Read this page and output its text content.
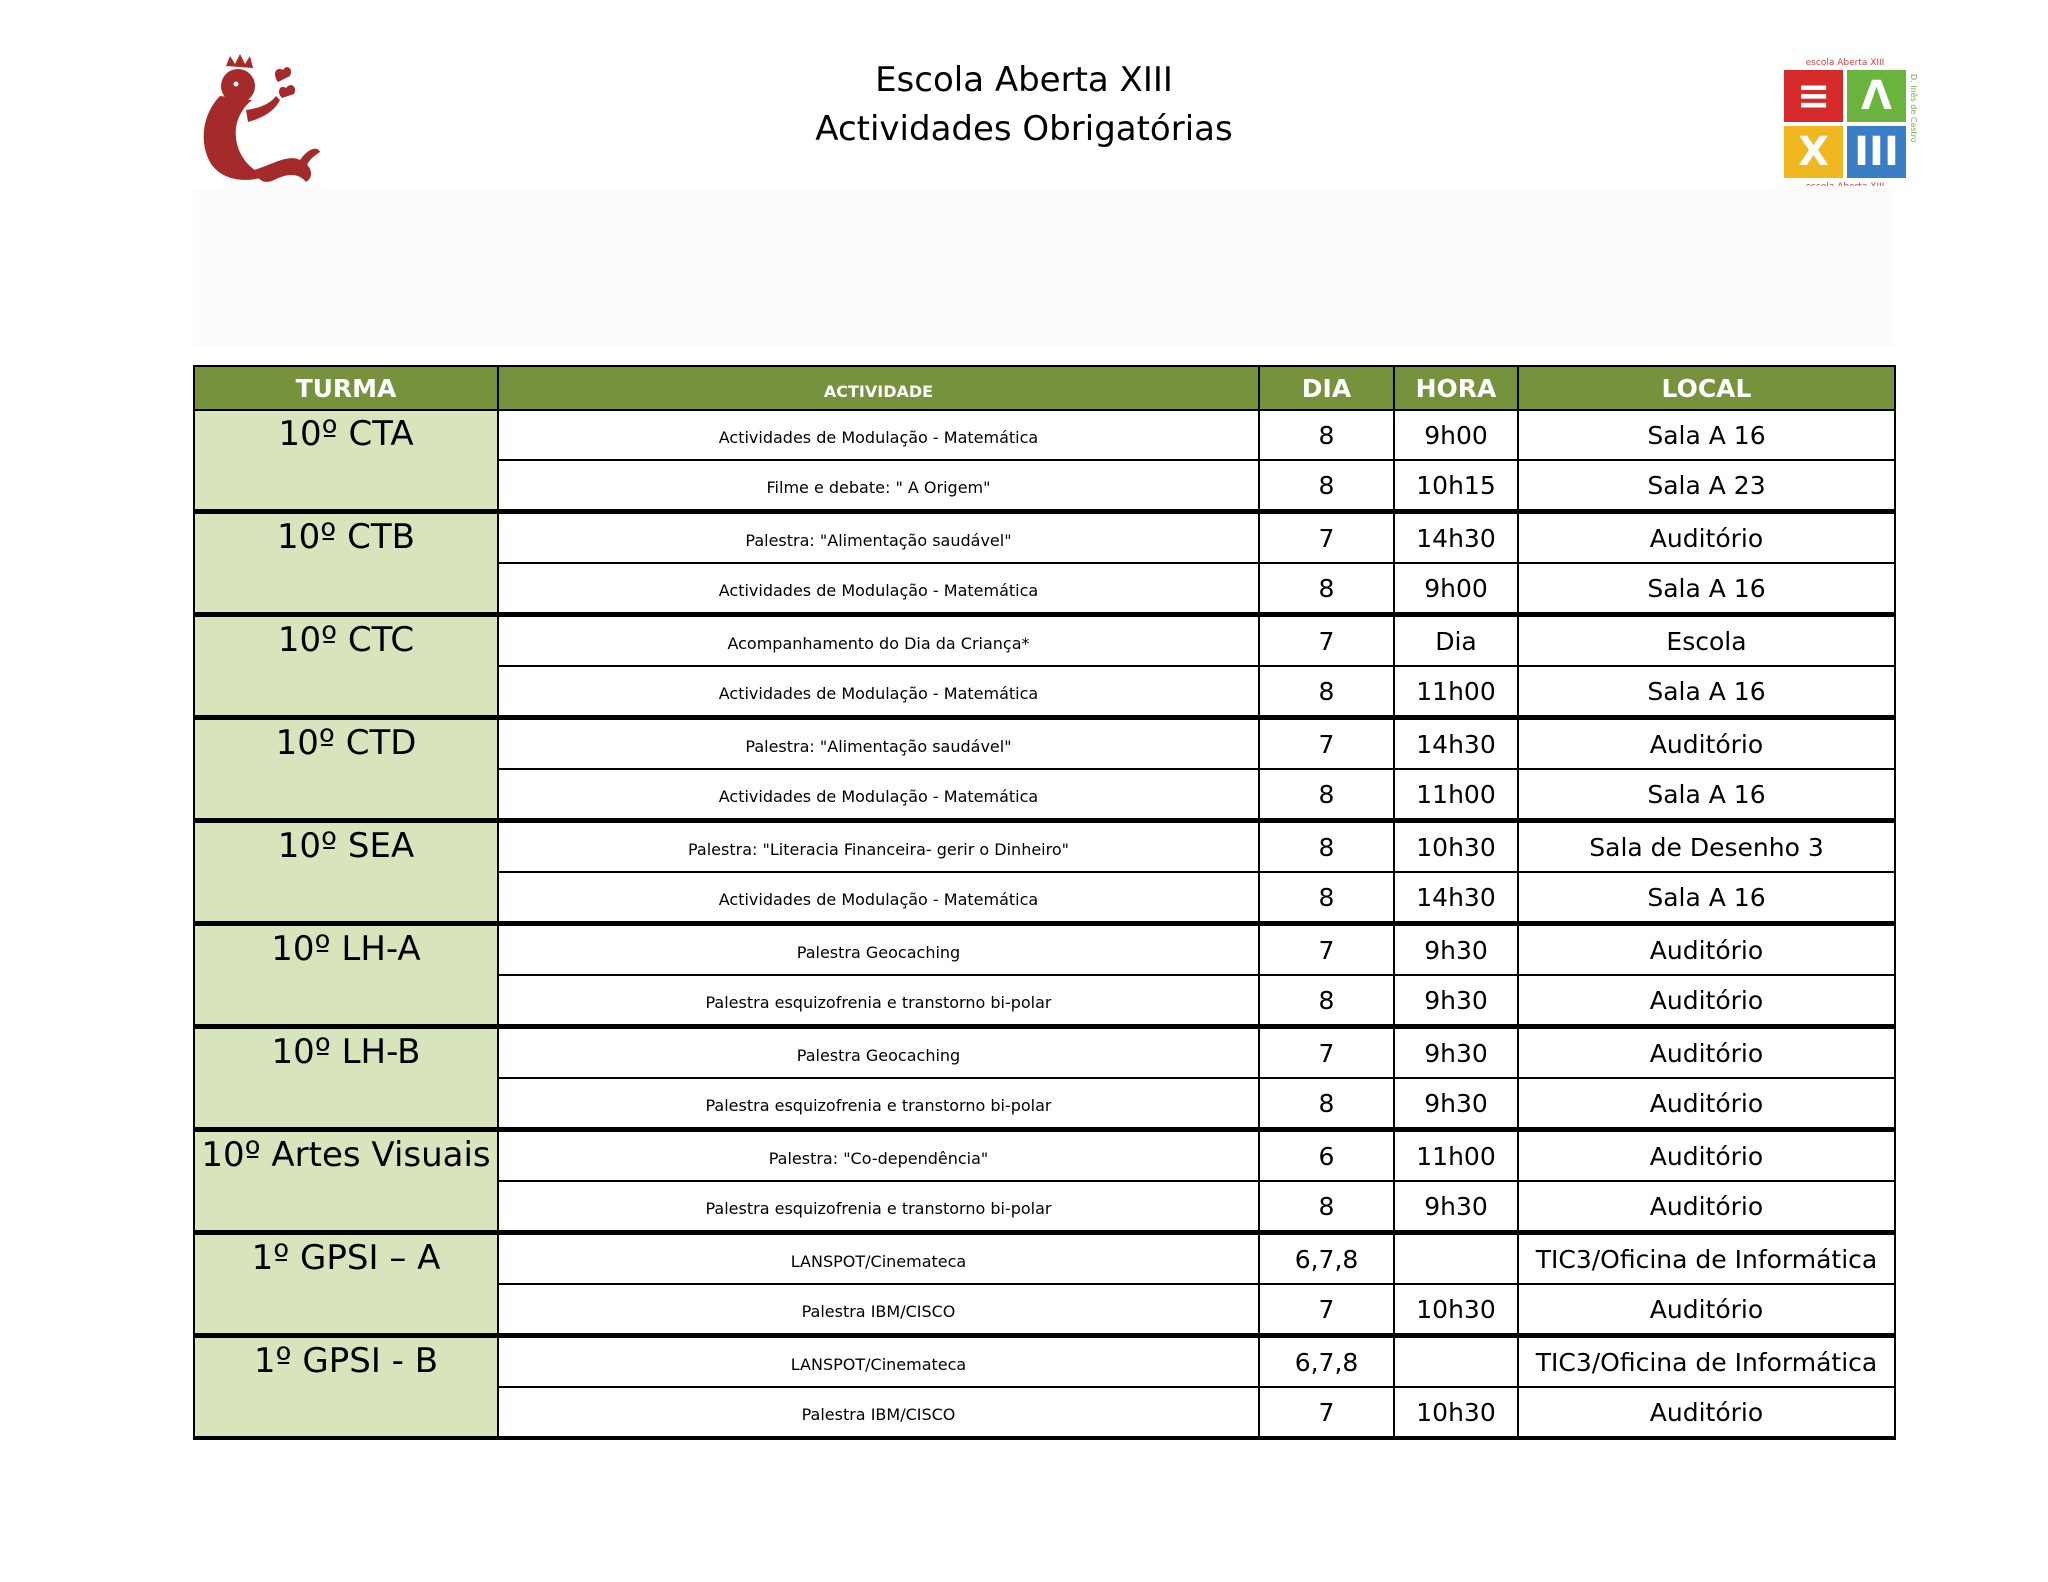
Escola Aberta XIII
Actividades Obrigatórias
escola Aberta XIII
≡ Λ
X III
D. Inês de Castro
TURMA	ACTIVIDADE	DIA	HORA	LOCAL
10º CTA	Actividades de Modulação - Matemática	8	9h00	Sala A 16
	Filme e debate: " A Origem"	8	10h15	Sala A 23
10º CTB	Palestra: "Alimentação saudável"	7	14h30	Auditório
	Actividades de Modulação - Matemática	8	9h00	Sala A 16
10º CTC	Acompanhamento do Dia da Criança*	7	Dia	Escola
	Actividades de Modulação - Matemática	8	11h00	Sala A 16
10º CTD	Palestra: "Alimentação saudável"	7	14h30	Auditório
	Actividades de Modulação - Matemática	8	11h00	Sala A 16
10º SEA	Palestra: "Literacia Financeira- gerir o Dinheiro"	8	10h30	Sala de Desenho 3
	Actividades de Modulação - Matemática	8	14h30	Sala A 16
10º LH-A	Palestra Geocaching	7	9h30	Auditório
	Palestra esquizofrenia e transtorno bi-polar	8	9h30	Auditório
10º LH-B	Palestra Geocaching	7	9h30	Auditório
	Palestra esquizofrenia e transtorno bi-polar	8	9h30	Auditório
10º Artes Visuais	Palestra: "Co-dependência"	6	11h00	Auditório
	Palestra esquizofrenia e transtorno bi-polar	8	9h30	Auditório
1º GPSI – A	LANSPOT/Cinemateca	6,7,8		TIC3/Oficina de Informática
	Palestra IBM/CISCO	7	10h30	Auditório
1º GPSI - B	LANSPOT/Cinemateca	6,7,8		TIC3/Oficina de Informática
	Palestra IBM/CISCO	7	10h30	Auditório
